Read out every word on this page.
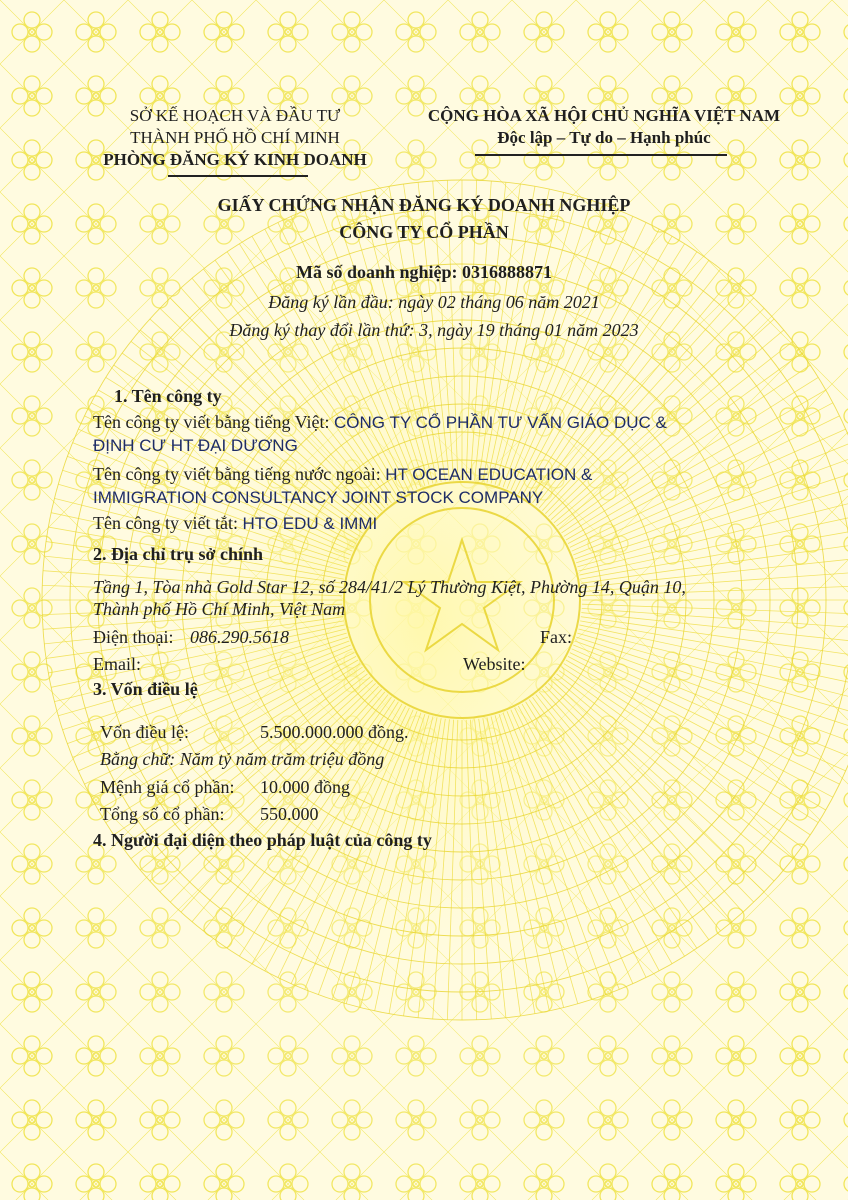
SỞ KẾ HOẠCH VÀ ĐẦU TƯ
THÀNH PHỐ HỒ CHÍ MINH
PHÒNG ĐĂNG KÝ KINH DOANH
CỘNG HÒA XÃ HỘI CHỦ NGHĨA VIỆT NAM
Độc lập – Tự do – Hạnh phúc
GIẤY CHỨNG NHẬN ĐĂNG KÝ DOANH NGHIỆP
CÔNG TY CỔ PHẦN
Mã số doanh nghiệp: 0316888871
Đăng ký lần đầu: ngày 02 tháng 06 năm 2021
Đăng ký thay đổi lần thứ: 3, ngày 19 tháng 01 năm 2023
1. Tên công ty
Tên công ty viết bằng tiếng Việt: CÔNG TY CỔ PHẦN TƯ VẤN GIÁO DỤC &
ĐỊNH CƯ HT ĐẠI DƯƠNG
Tên công ty viết bằng tiếng nước ngoài: HT OCEAN EDUCATION &
IMMIGRATION CONSULTANCY JOINT STOCK COMPANY
Tên công ty viết tắt: HTO EDU & IMMI
2. Địa chỉ trụ sở chính
Tầng 1, Tòa nhà Gold Star 12, số 284/41/2 Lý Thường Kiệt, Phường 14, Quận 10,
Thành phố Hồ Chí Minh, Việt Nam
Điện thoại: 086.290.5618	Fax:
Email:	Website:
3. Vốn điều lệ
Vốn điều lệ:	5.500.000.000 đồng.
Bằng chữ: Năm tỷ năm trăm triệu đồng
Mệnh giá cổ phần: 10.000 đồng
Tổng số cổ phần: 550.000
4. Người đại diện theo pháp luật của công ty
